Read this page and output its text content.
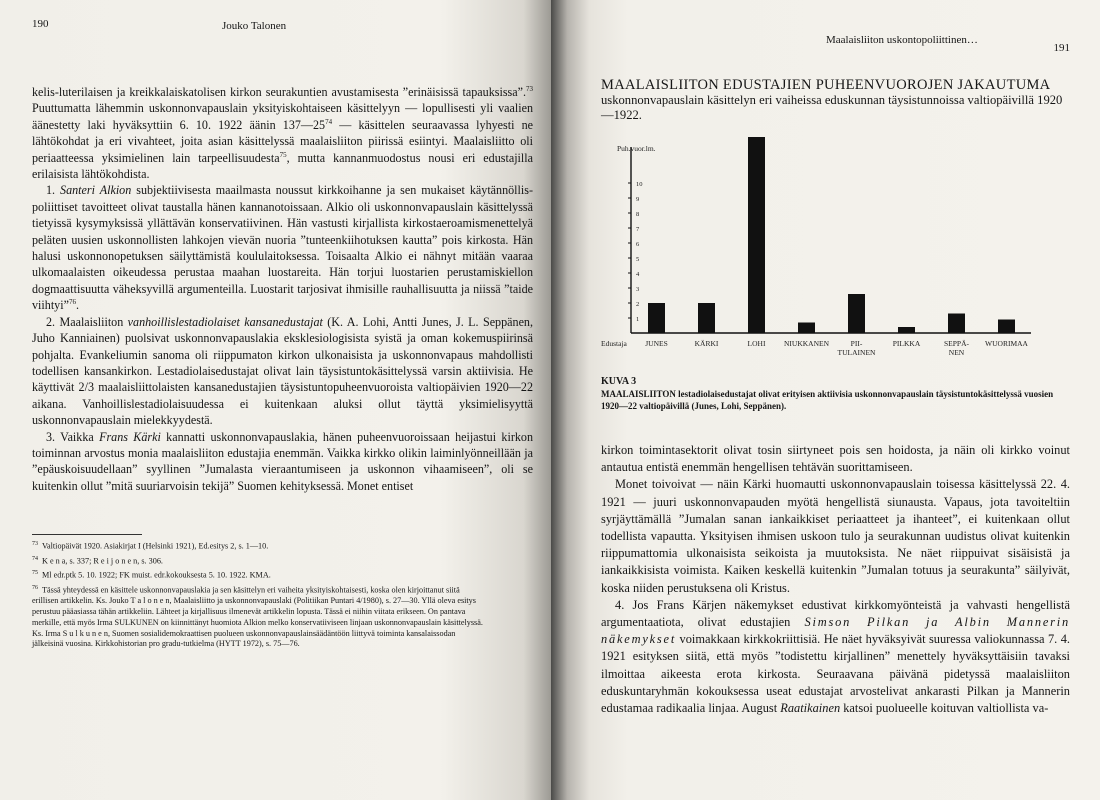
190	Jouko Talonen

kelis-luterilaisen ja kreikkalaiskatolisen kirkon seurakuntien avustamisesta ”erinäisissä tapauksissa”.$^{73}$ Puuttumatta lähemmin uskonnonvapauslain yksityiskohtaiseen käsittelyyn — lopullisesti yli vaalien äänestetty laki hyväksyttiin 6. 10. 1922 äänin $137—25^{74}$ — käsittelen seuraavassa lyhyesti ne lähtökohdat ja eri vivahteet, joita asian käsittelyssä maalaisliiton piirissä esiintyi. Maalaisliitto oli periaatteessa yksimielinen lain tarpeellisuudesta$^{75}$, mutta kannanmuodostus nousi eri edustajilla erilaisista lähtökohdista.

1. Santeri Alkion subjektiivisesta maailmasta noussut kirkkoihanne ja sen mukaiset käytännöllis-poliittiset tavoitteet olivat taustalla hänen kannanotoissaan. Alkio oli uskonnonvapauslain käsittelyssä tietyissä kysymyksissä yllättävän konservatiivinen. Hän vastusti kirjallista kirkostaeroamismenettelyä peläten uusien uskonnollisten lahkojen vievän nuoria ”tunteenkiihotuksen kautta” pois kirkosta. Hän halusi uskonnonopetuksen säilyttämistä koululaitoksessa. Toisaalta Alkio ei nähnyt mitään vaaraa ulkomaalaisten oikeudessa perustaa maahan luostareita. Hän torjui luostarien perustamiskiellon dogmaattisuutta väheksyvillä argumenteilla. Luostarit tarjosivat ihmisille rauhallisuutta ja niissä ”taide viihtyi”$^{76}$.

2. Maalaisliiton vanhoillislestadiolaiset kansanedustajat (K. A. Lohi, Antti Junes, J. L. Seppänen, Juho Kanniainen) puolsivat uskonnonvapauslakia eksklesiologisista syistä ja oman kokemuspiirinsä pohjalta. Evankeliumin sanoma oli riippumaton kirkon ulkonaisista ja uskonnonvapaus mahdollisti todellisen kansankirkon. Lestadiolaisedustajat olivat lain täysistuntokäsittelyssä varsin aktiivisia. He käyttivät 2/3 maalaisliittolaisten kansanedustajien täysistuntopuheenvuoroista valtiopäivien 1920—22 aikana. Vanhoillislestadiolaisuudessa ei kuitenkaan aluksi ollut täyttä yksimielisyyttä uskonnonvapauslain mielekkyydestä.

3. Vaikka Frans Kärki kannatti uskonnonvapauslakia, hänen puheenvuoroissaan heijastui kirkon toiminnan arvostus monia maalaisliiton edustajia enemmän. Vaikka kirkko olikin laiminlyönneillään ja ”epäuskoisuudellaan” syyllinen ”Jumalasta vieraantumiseen ja uskonnon vihaamiseen”, oli se kuitenkin ollut ”mitä suuriarvoisin tekijä” Suomen kehityksessä. Monet entiset

$^{73}$ Valtiopäivät 1920. Asiakirjat I (Helsinki 1921), Ed.esitys 2, s. 1—10.

$^{74}$ K e n a, s. 337; R e i j o n e n, s. 306.

$^{75}$ Ml edr.ptk 5. 10. 1922; FK muist. edr.kokouksesta 5. 10. 1922. KMA.

$^{76}$ Tässä yhteydessä en käsittele uskonnonvapauslakia ja sen käsittelyn eri vaiheita yksityiskohtaisesti, koska olen kirjoittanut siitä erillisen artikkelin. Ks. Jouko T a l o n e n, Maalaisliitto ja uskonnonvapauslaki (Politiikan Puntari 4/1980), s. 27—30. Yllä oleva esitys perustuu pääasiassa tähän artikkeliin. Lähteet ja kirjallisuus ilmenevät artikkelin lopusta. Tässä ei niihin viitata erikseen. On pantava merkille, että myös Irma SULKUNEN on kiinnittänyt huomiota Alkion melko konservatiiviseen linjaan uskonnonvapauslain käsittelyssä. Ks. Irma S u l k u n e n, Suomen sosialidemokraattisen puolueen uskonnonvapauslainsäädäntöön liittyvä toiminta kansalaissodan jälkeisinä vuosina. Kirkkohistorian pro gradu-tutkielma (HYTT 1972), s. 75—76.

Maalaisliiton uskontopoliittinen…
191
MAALAISLIITON EDUSTAJIEN PUHEENVUOROJEN JAKAUTUMA
uskonnonvapauslain käsittelyn eri vaiheissa eduskunnan täysistunnoissa valtiopäivillä 1920—1922.
Puh.vuor.lm.
1
2
3
4
5
6
7
8
9
10
Edustaja JUNES	KÄRKI	LOHI NIUKKANEN	PII-TULAINEN
PILKKA	SEPPÄ-NEN
WUORIMAA
KUVA 3
MAALAISLIITON lestadiolaisedustajat olivat erityisen aktiivisia uskonnonvapauslain täysistuntokäsittelyssä vuosien 1920—22 valtiopäivillä (Junes, Lohi, Seppänen).

kirkon toimintasektorit olivat tosin siirtyneet pois sen hoidosta, ja näin oli kirkko voinut antautua entistä enemmän hengellisen tehtävän suorittamiseen.

Monet toivoivat — näin Kärki huomautti uskonnonvapauslain toisessa käsittelyssä 22. 4. 1921 — juuri uskonnonvapauden myötä hengellistä siunausta. Vapaus, jota tavoiteltiin syrjäyttämällä ”Jumalan sanan iankaikkiset periaatteet ja ihanteet”, ei kuitenkaan ollut todellista vapautta. Yksityisen ihmisen uskoon tulo ja seurakunnan uudistus olivat kuitenkin riippumattomia ulkonaisista seikoista ja muutoksista. Ne näet riippuivat sisäisistä ja iankaikkisista voimista. Kaiken keskellä kuitenkin ”Jumalan totuus ja seurakunta” säilyivät, koska niiden perustuksena oli Kristus.

4. Jos Frans Kärjen näkemykset edustivat kirkkomyönteistä ja vahvasti hengellistä argumentaatiota, olivat edustajien Simson Pilkan ja Albin Mannerin näkemykset voimakkaan kirkkokriittisiä. He näet hyväksyivät suuressa valiokunnassa 7. 4. 1921 esityksen siitä, että myös ”todistettu kirjallinen” menettely hyväksyttäisiin tavaksi ilmoittaa aikeesta erota kirkosta. Seuraavana päivänä pidetyssä maalaisliiton eduskuntaryhmän kokouksessa useat edustajat arvostelivat ankarasti Pilkan ja Mannerin edustamaa radikaalia linjaa. August Raatikainen katsoi puolueelle koituvan valtiollista va-
